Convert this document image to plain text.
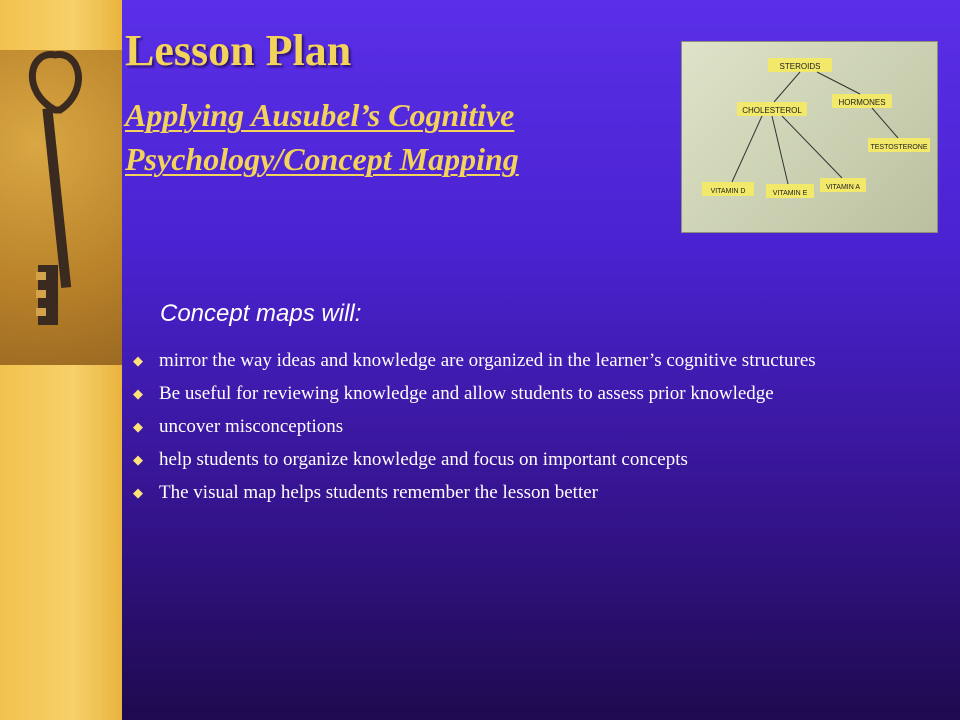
Lesson Plan
Applying Ausubel’s Cognitive Psychology/Concept Mapping
STEROIDS
HORMONES
CHOLESTEROL
TESTOSTERONE
VITAMIN D	VITAMIN E
VITAMIN A

Concept maps will:

◆ mirror the way ideas and knowledge are organized in the learner’s cognitive structures
◆ Be useful for reviewing knowledge and allow students to assess prior knowledge
◆ uncover misconceptions
◆ help students to organize knowledge and focus on important concepts
◆ The visual map helps students remember the lesson better
